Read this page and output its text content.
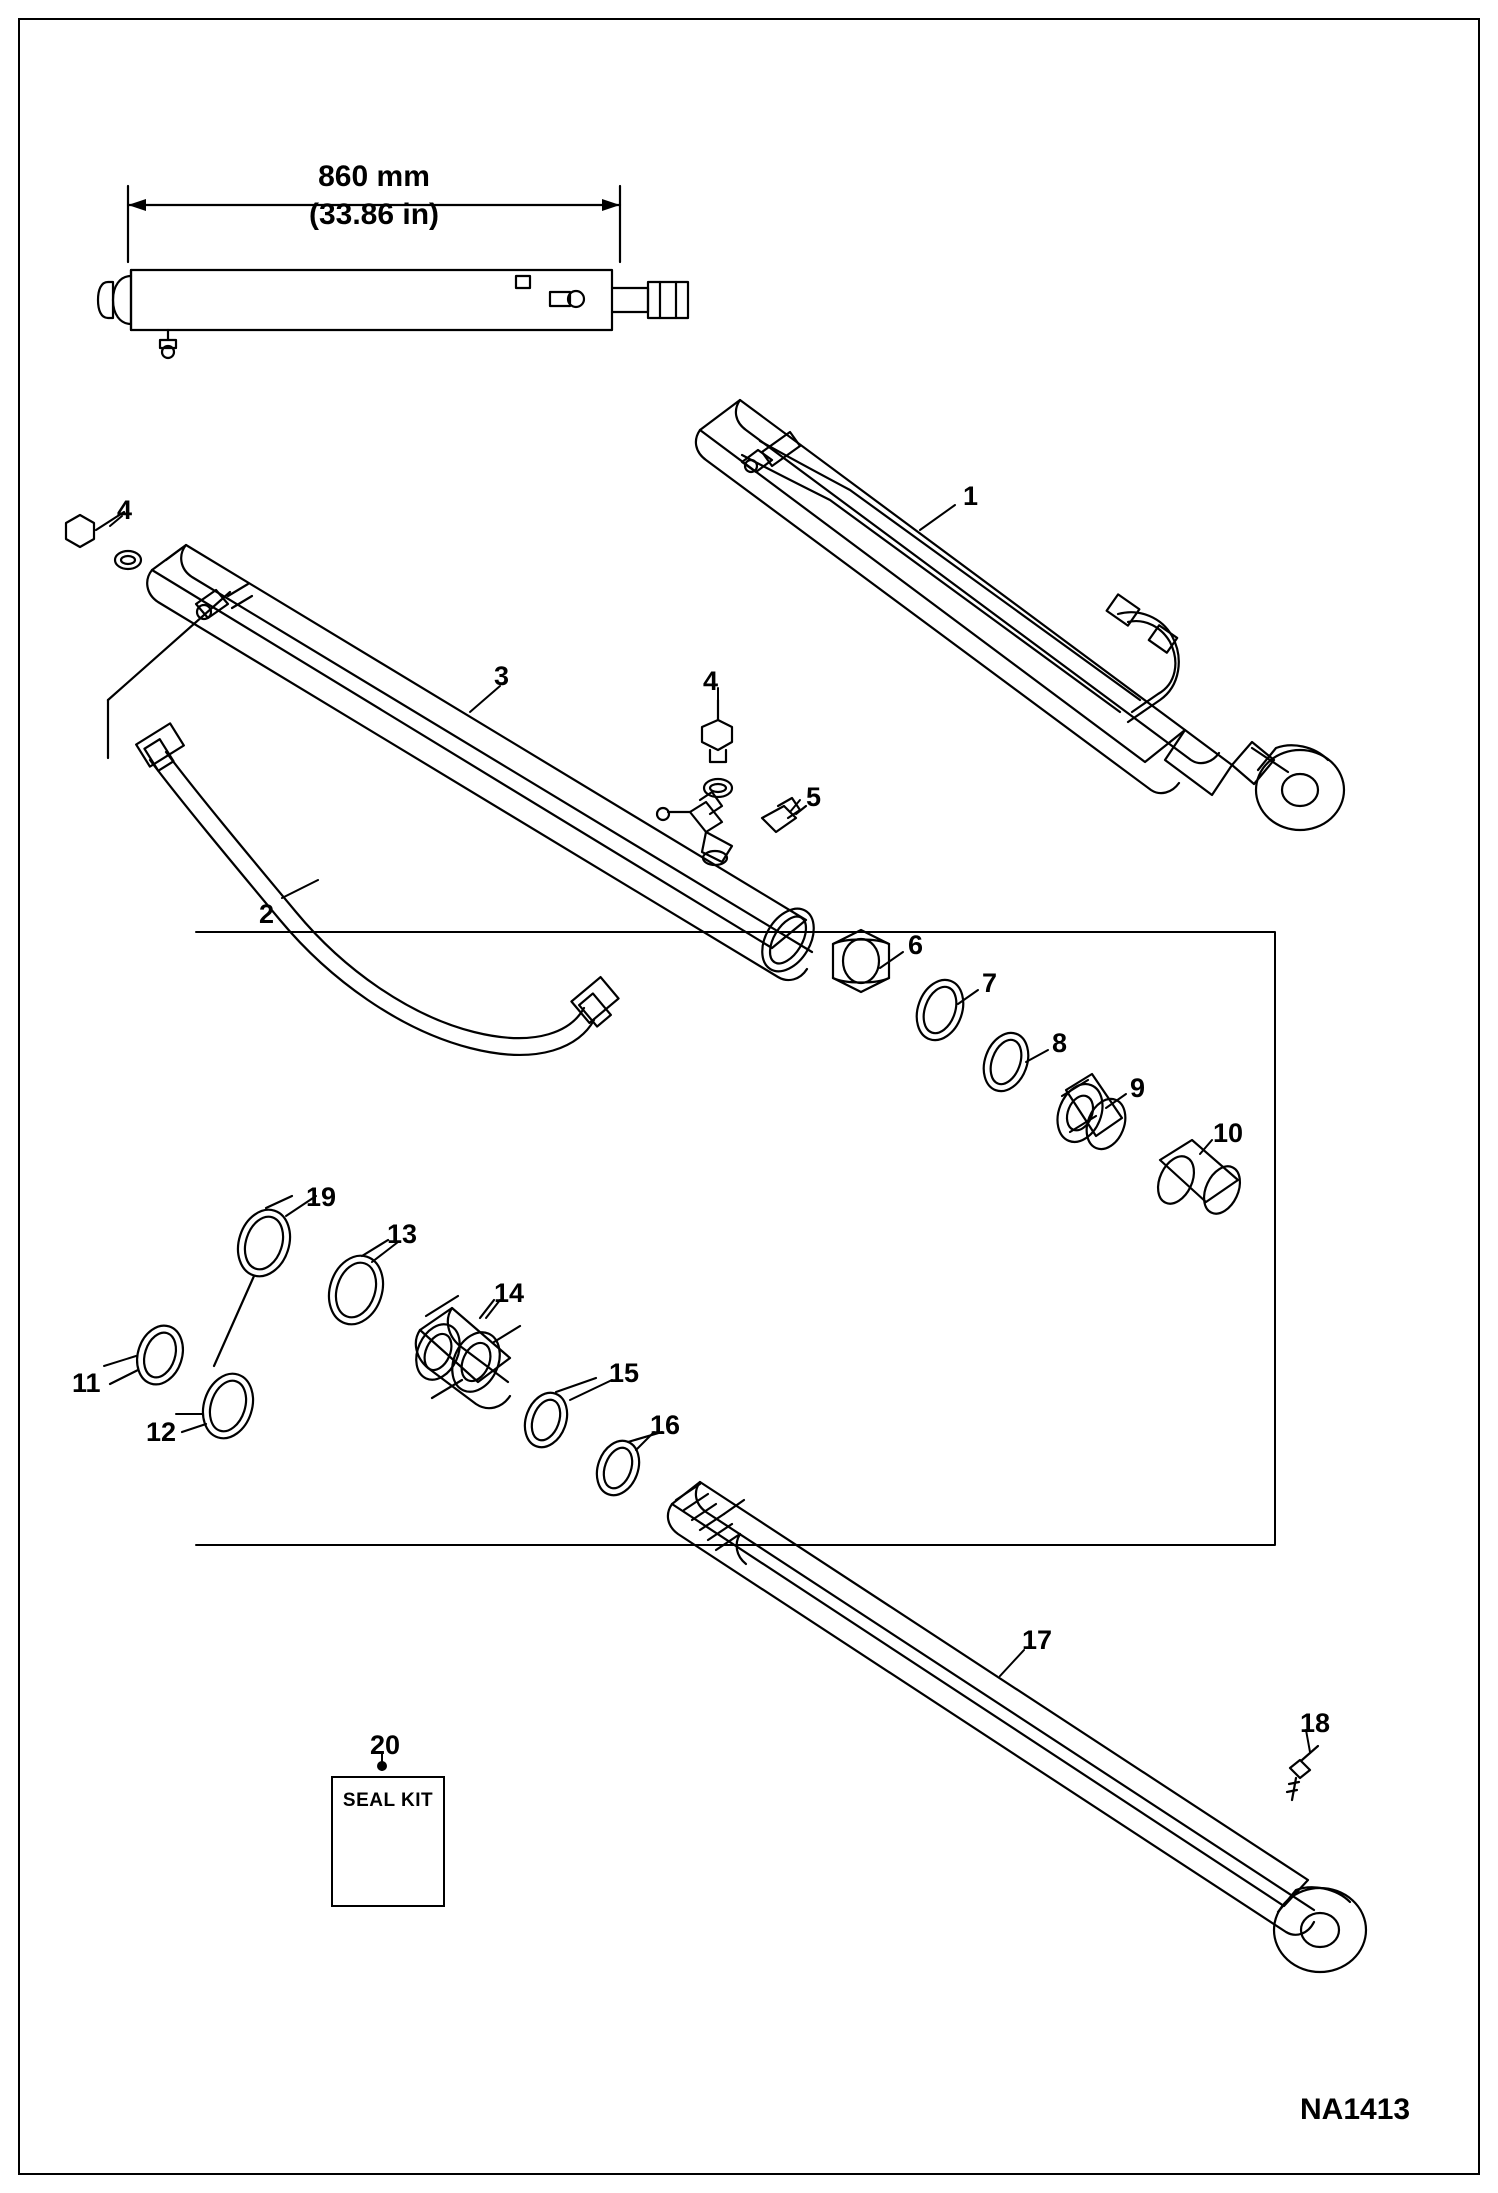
860 mm
(33.86 in)
1
2
3
4
4
5
6
7
8
9
10
11
12
13
14
15
16
17
18
19
20
SEAL KIT
NA1413
